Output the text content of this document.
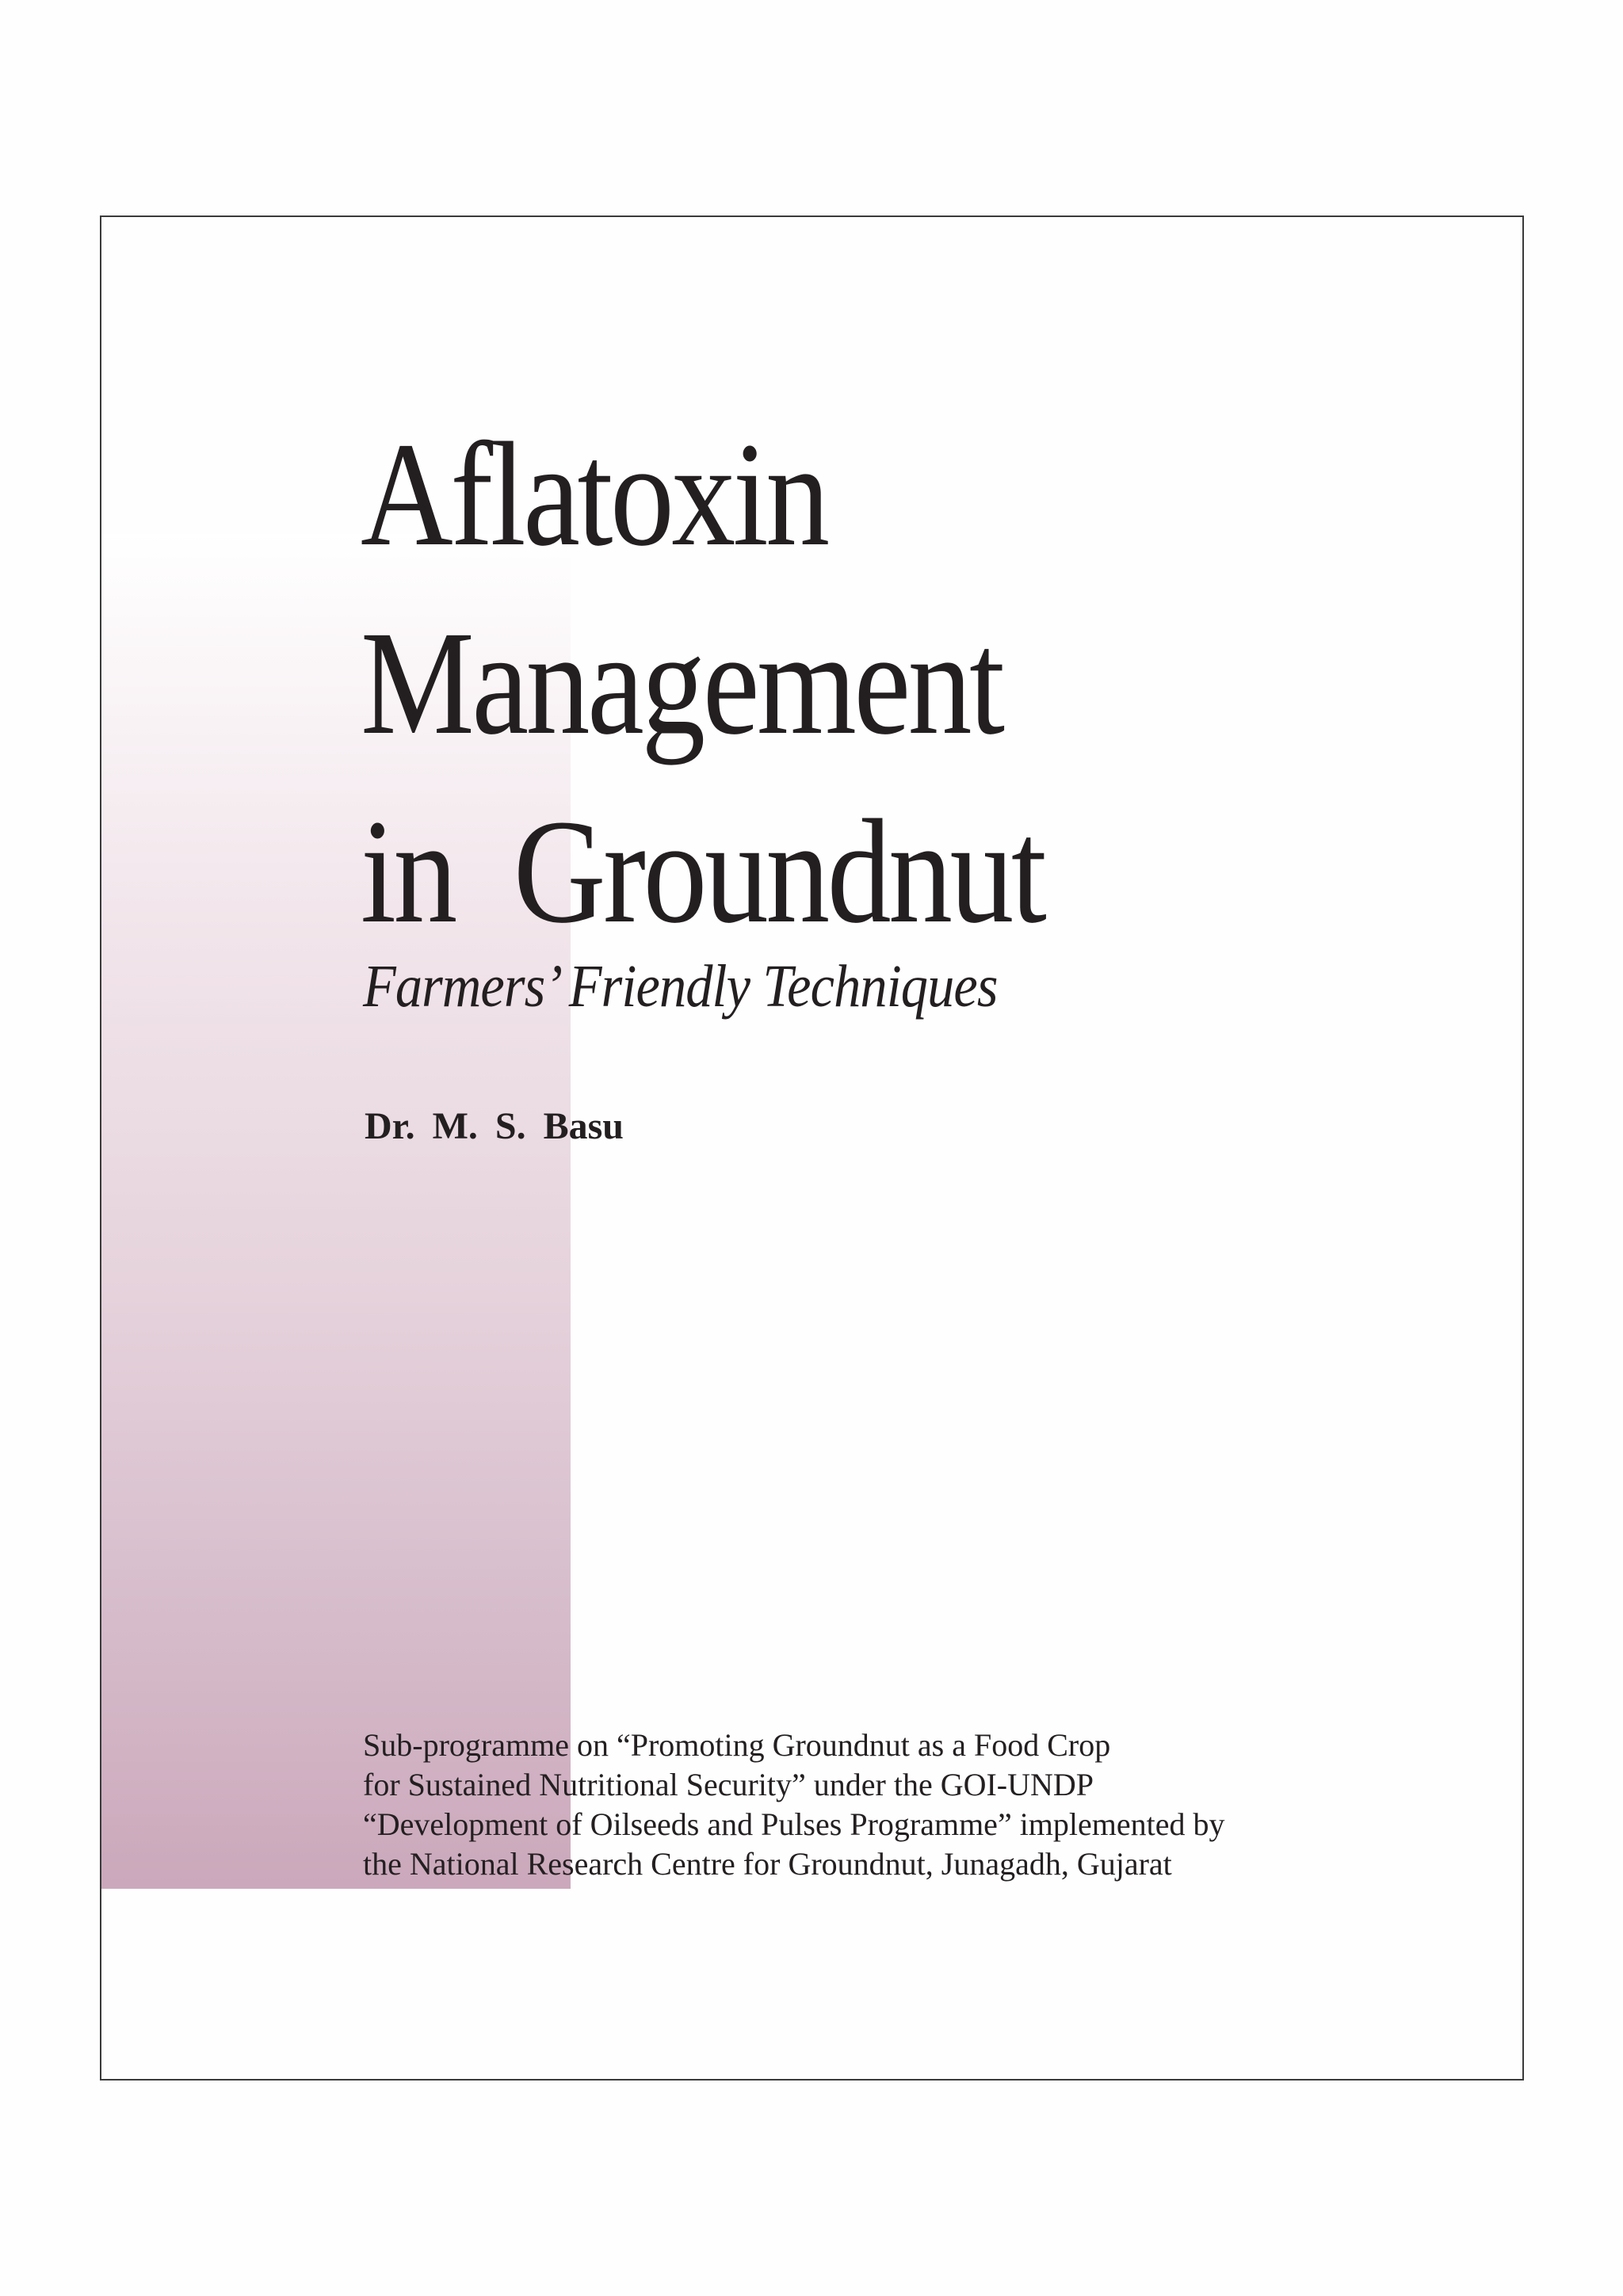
Aflatoxin
Management
in  Groundnut
Farmers’ Friendly Techniques
Dr. M. S. Basu
Sub-programme on “Promoting Groundnut as a Food Crop
for Sustained Nutritional Security” under the GOI-UNDP
“Development of Oilseeds and Pulses Programme” implemented by
the National Research Centre for Groundnut, Junagadh, Gujarat
